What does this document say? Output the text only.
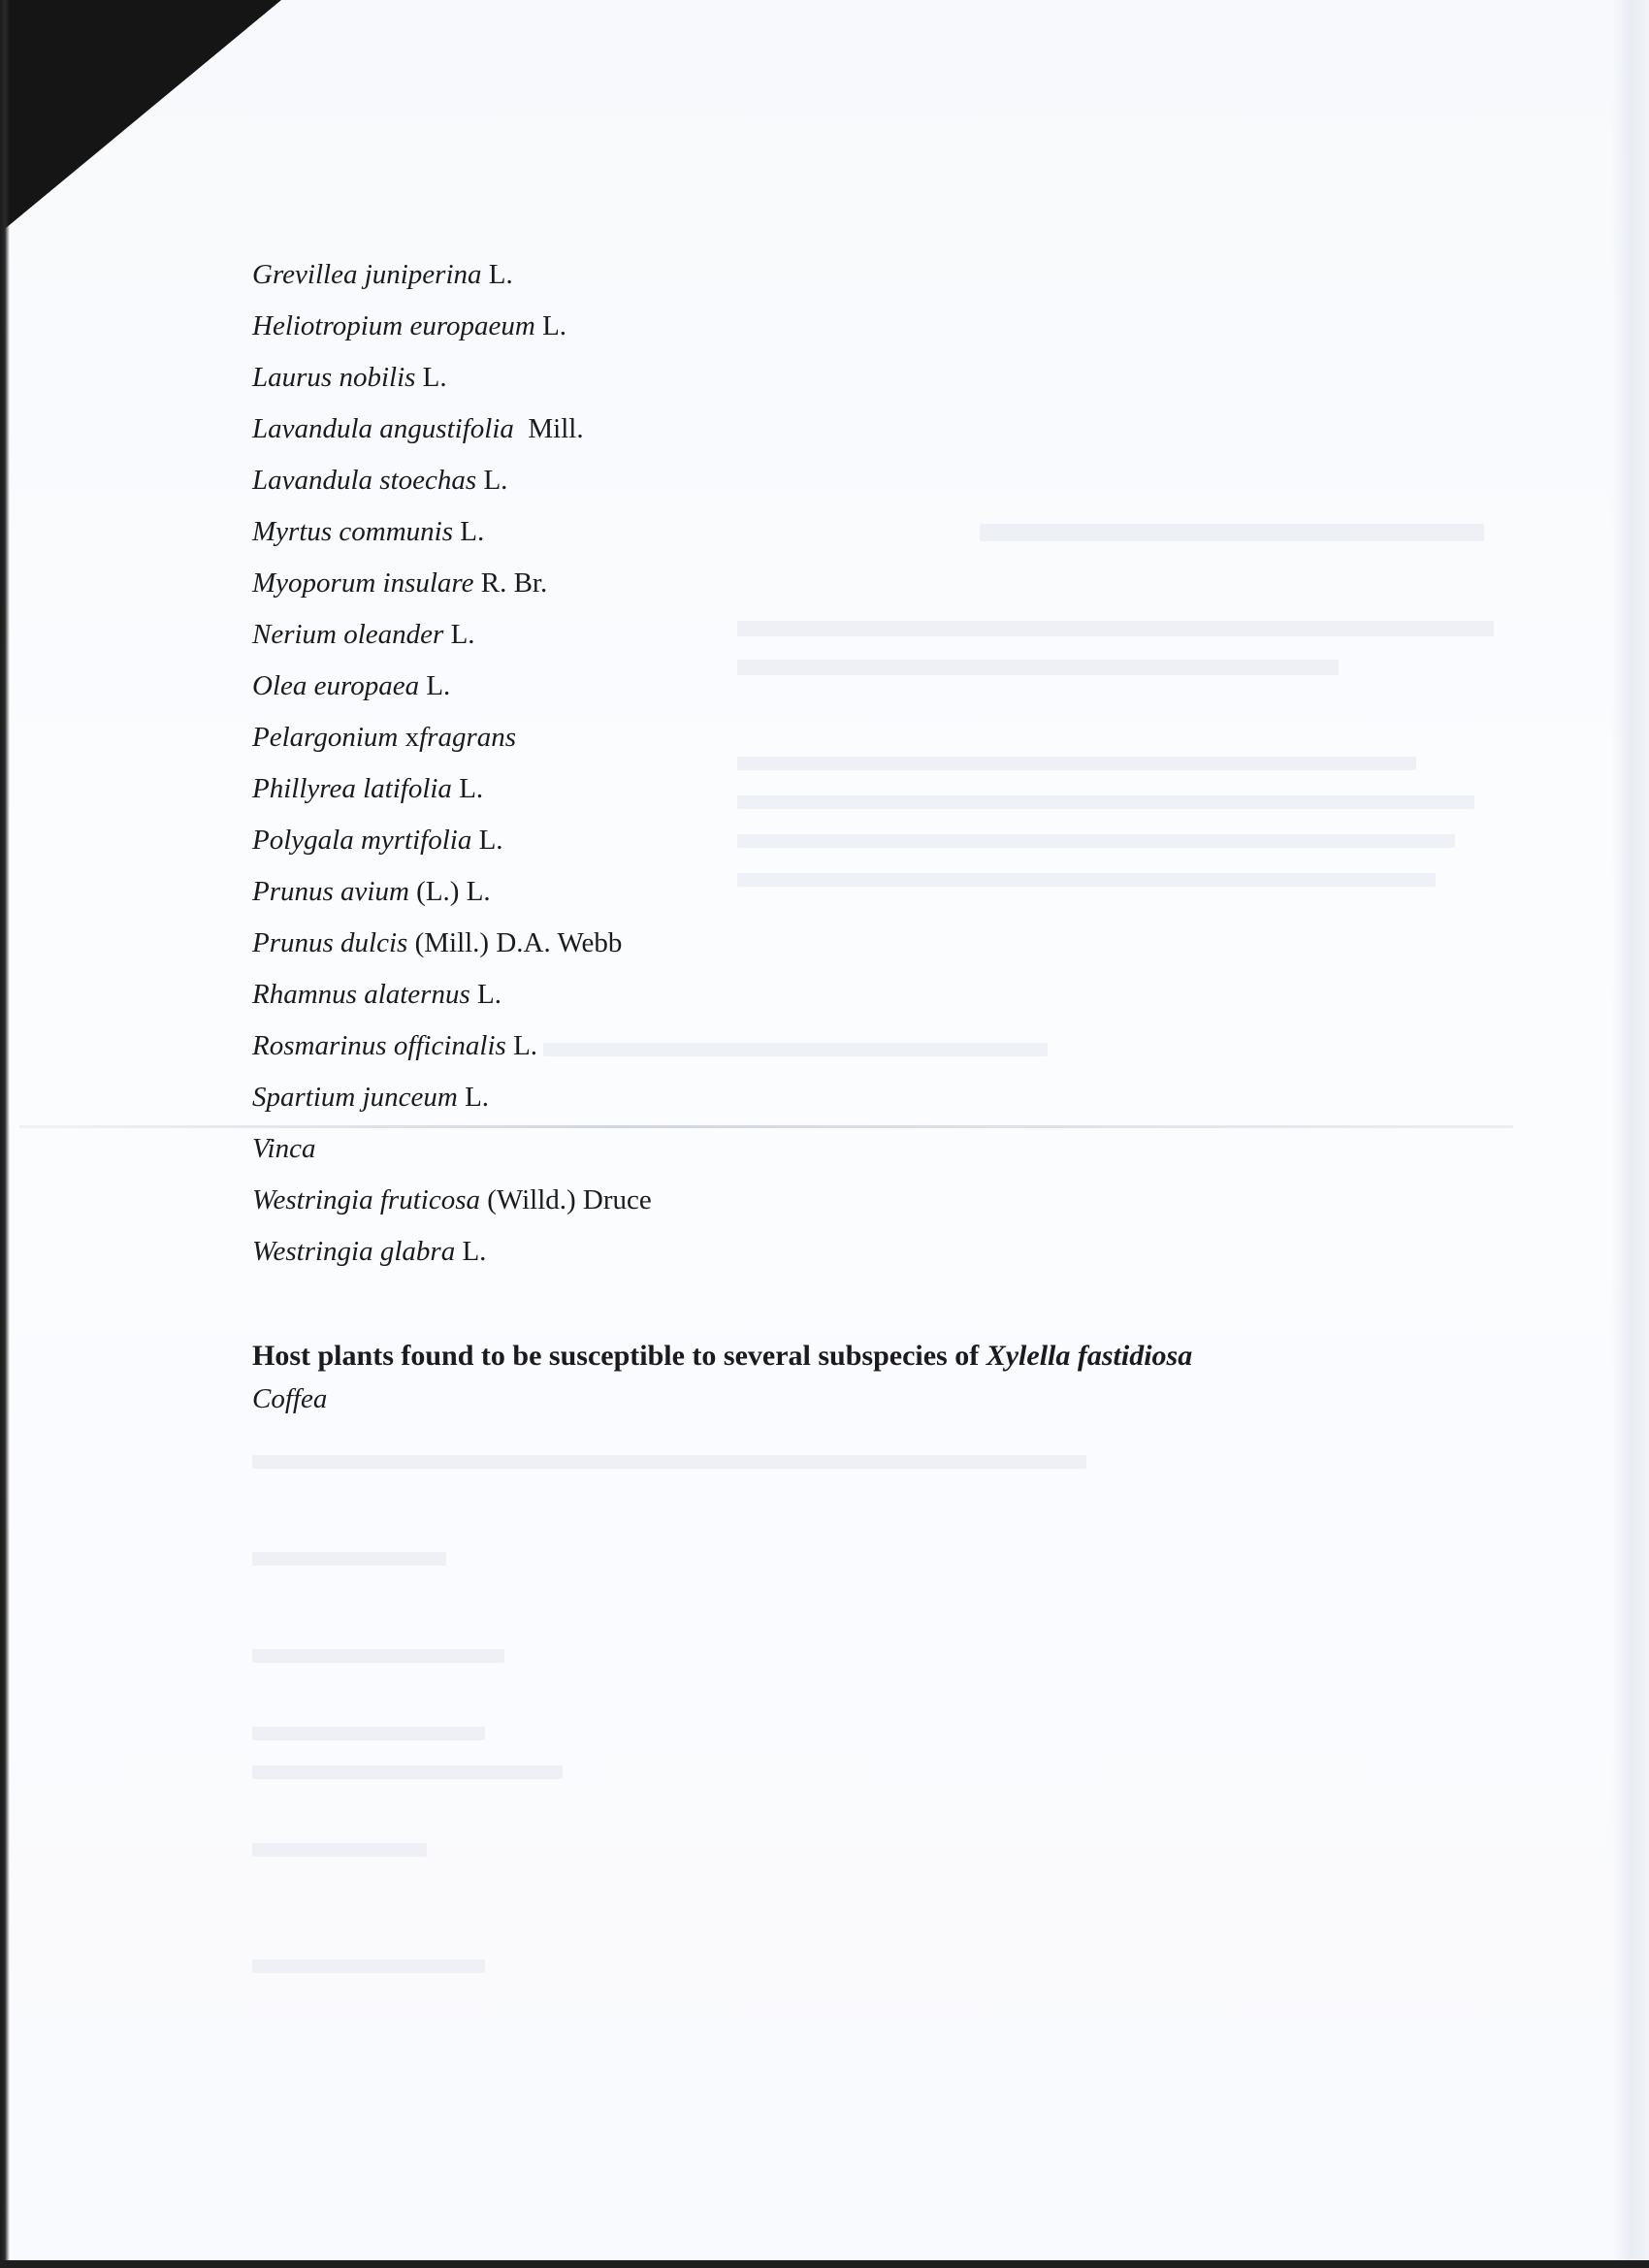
Grevillea juniperina L.
Heliotropium europaeum L.
Laurus nobilis L.
Lavandula angustifolia  Mill.
Lavandula stoechas L.
Myrtus communis L.
Myoporum insulare R. Br.
Nerium oleander L.
Olea europaea L.
Pelargonium xfragrans
Phillyrea latifolia L.
Polygala myrtifolia L.
Prunus avium (L.) L.
Prunus dulcis (Mill.) D.A. Webb
Rhamnus alaternus L.
Rosmarinus officinalis L.
Spartium junceum L.
Vinca
Westringia fruticosa (Willd.) Druce
Westringia glabra L.
Host plants found to be susceptible to several subspecies of Xylella fastidiosa
Coffea
